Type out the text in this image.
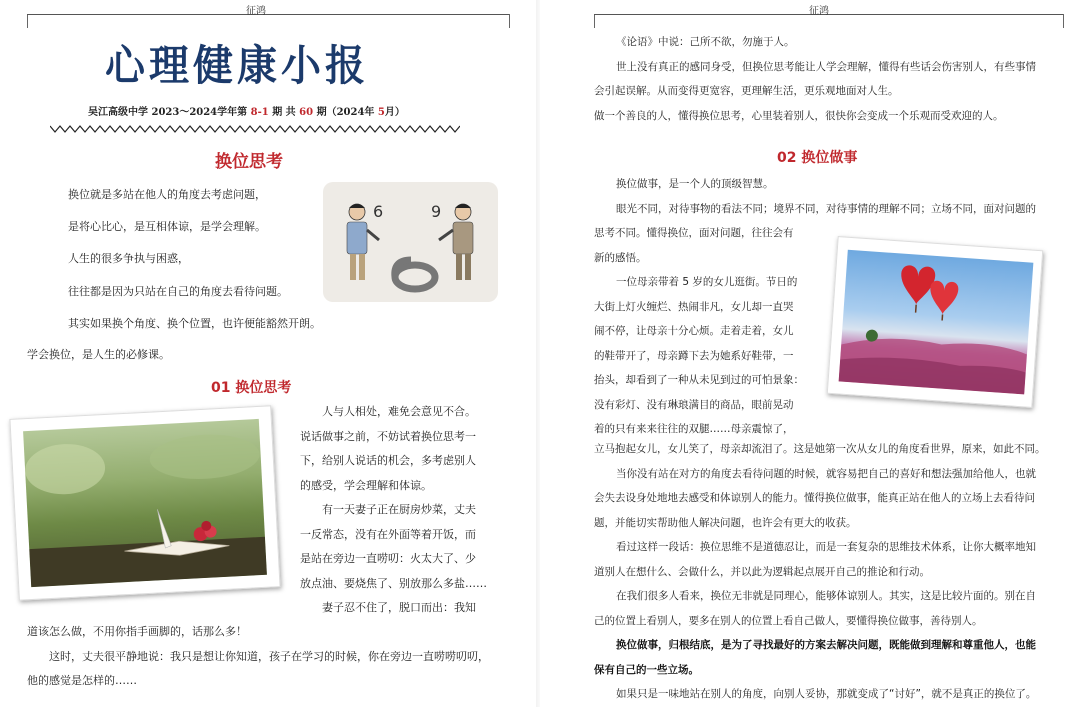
征鸿
心理健康小报
吴江高级中学 2023～2024学年第 8-1 期 共 60 期（2024年 5月）
换位思考
换位就是多站在他人的角度去考虑问题，
是将心比心，是互相体谅，是学会理解。
人生的很多争执与困惑，
往往都是因为只站在自己的角度去看待问题。
其实如果换个角度、换个位置，也许便能豁然开朗。
学会换位，是人生的必修课。
6	9
01 换位思考
人与人相处，难免会意见不合。
说话做事之前，不妨试着换位思考一
下，给别人说话的机会，多考虑别人
的感受，学会理解和体谅。
有一天妻子正在厨房炒菜，丈夫
一反常态，没有在外面等着开饭，而
是站在旁边一直唠叨：火太大了、少
放点油、要烧焦了、别放那么多盐……
妻子忍不住了，脱口而出：我知
道该怎么做，不用你指手画脚的，话那么多！
这时，丈夫很平静地说：我只是想让你知道，孩子在学习的时候，你在旁边一直唠唠叨叨，
他的感觉是怎样的……
征鸿
《论语》中说：己所不欲，勿施于人。
世上没有真正的感同身受，但换位思考能让人学会理解，懂得有些话会伤害别人，有些事情
会引起误解。从而变得更宽容，更理解生活，更乐观地面对人生。
做一个善良的人，懂得换位思考，心里装着别人，很快你会变成一个乐观而受欢迎的人。
02 换位做事
换位做事，是一个人的顶级智慧。
眼光不同，对待事物的看法不同；境界不同，对待事情的理解不同；立场不同，面对问题的
思考不同。懂得换位，面对问题，往往会有
新的感悟。
一位母亲带着 5 岁的女儿逛街。节日的
大街上灯火缠烂、热闹非凡，女儿却一直哭
闹不停，让母亲十分心烦。走着走着，女儿
的鞋带开了，母亲蹲下去为她系好鞋带，一
抬头，却看到了一种从未见到过的可怕景象：
没有彩灯、没有琳琅满目的商品，眼前晃动
着的只有来来往往的双腿……母亲震惊了，
立马抱起女儿，女儿笑了，母亲却流泪了。这是她第一次从女儿的角度看世界，原来，如此不同。
当你没有站在对方的角度去看待问题的时候，就容易把自己的喜好和想法强加给他人，也就
会失去设身处地地去感受和体谅别人的能力。懂得换位做事，能真正站在他人的立场上去看待问
题，并能切实帮助他人解决问题，也许会有更大的收获。
看过这样一段话：换位思维不是道德忍让，而是一套复杂的思维技术体系，让你大概率地知
道别人在想什么、会做什么，并以此为逻辑起点展开自己的推论和行动。
在我们很多人看来，换位无非就是同理心，能够体谅别人。其实，这是比较片面的。别在自
己的位置上看别人，要多在别人的位置上看自己做人，要懂得换位做事，善待别人。
换位做事，归根结底，是为了寻找最好的方案去解决问题，既能做到理解和尊重他人，也能
保有自己的一些立场。
如果只是一味地站在别人的角度，向别人妥协，那就变成了“讨好”，就不是真正的换位了。
